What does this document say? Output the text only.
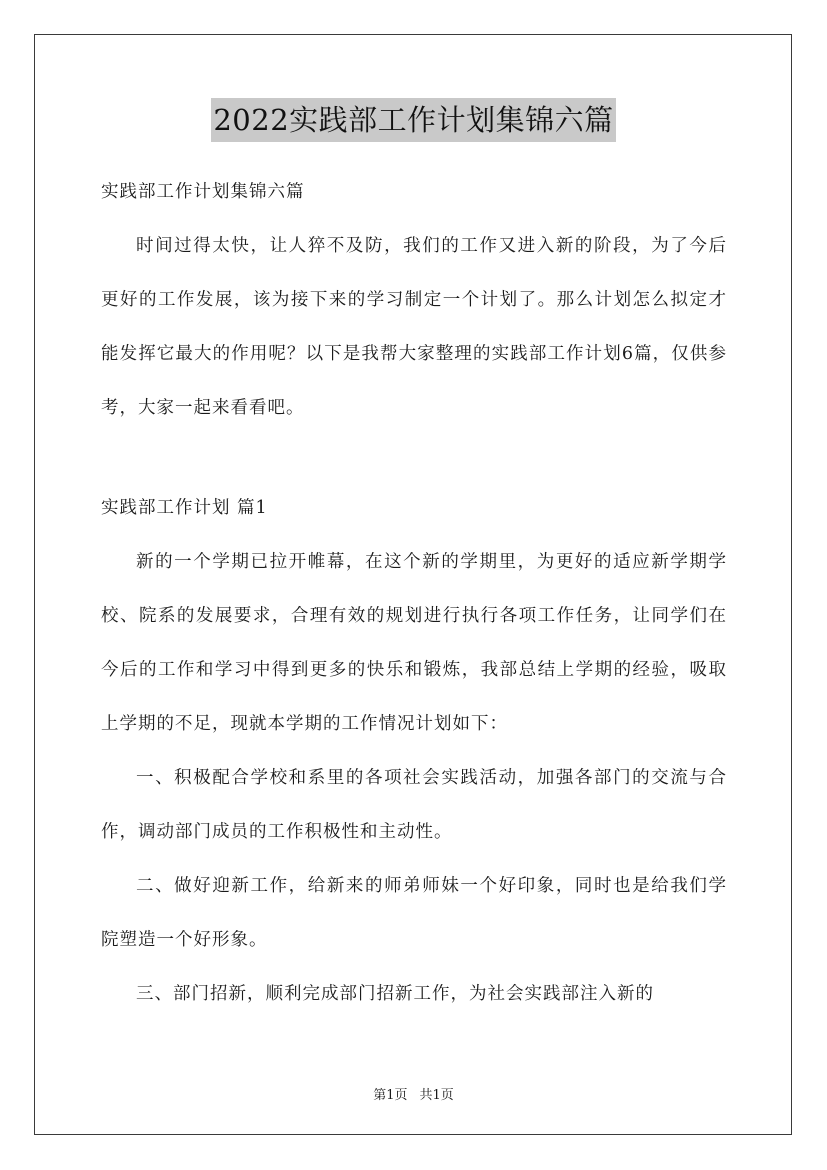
2022实践部工作计划集锦六篇

实践部工作计划集锦六篇

时间过得太快，让人猝不及防，我们的工作又进入新的阶段，为了今后更好的工作发展，该为接下来的学习制定一个计划了。那么计划怎么拟定才能发挥它最大的作用呢？以下是我帮大家整理的实践部工作计划6篇，仅供参考，大家一起来看看吧。

实践部工作计划 篇1

新的一个学期已拉开帷幕，在这个新的学期里，为更好的适应新学期学校、院系的发展要求，合理有效的规划进行执行各项工作任务，让同学们在今后的工作和学习中得到更多的快乐和锻炼，我部总结上学期的经验，吸取上学期的不足，现就本学期的工作情况计划如下：

一、积极配合学校和系里的各项社会实践活动，加强各部门的交流与合作，调动部门成员的工作积极性和主动性。

二、做好迎新工作，给新来的师弟师妹一个好印象，同时也是给我们学院塑造一个好形象。

三、部门招新，顺利完成部门招新工作，为社会实践部注入新的

第1页 共1页
